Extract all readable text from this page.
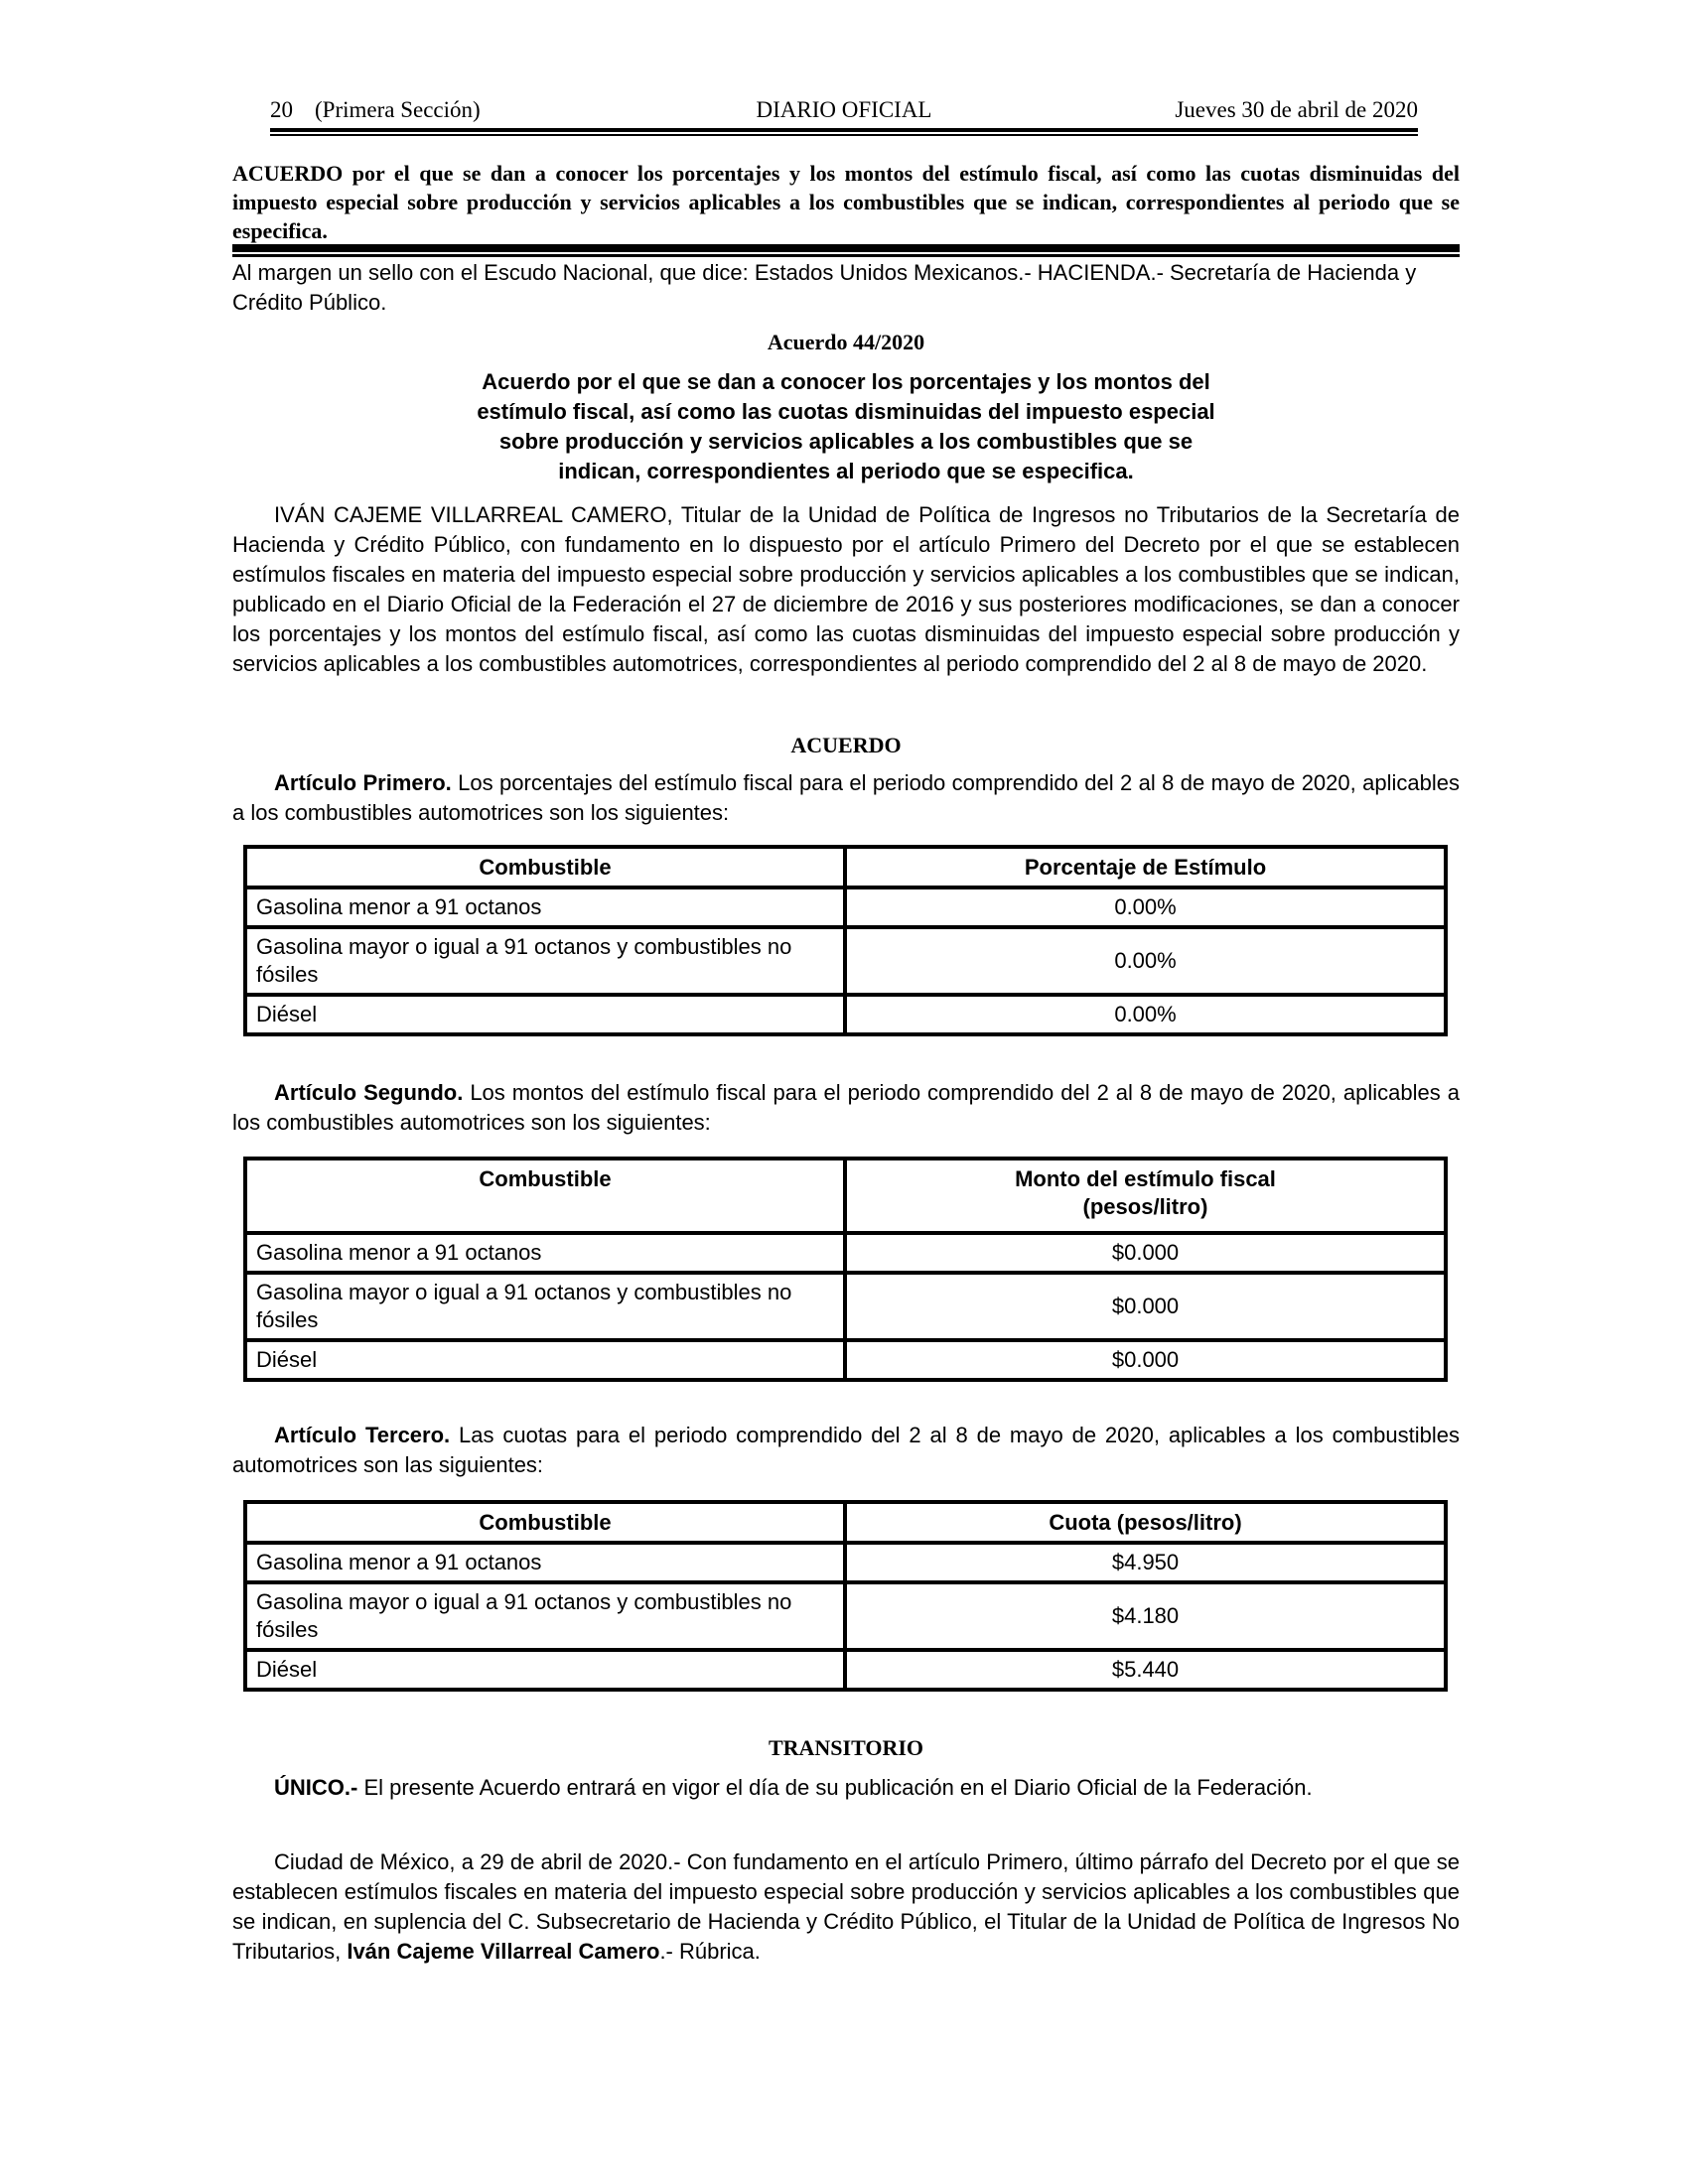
20 (Primera Sección)	DIARIO OFICIAL	Jueves 30 de abril de 2020
ACUERDO por el que se dan a conocer los porcentajes y los montos del estímulo fiscal, así como las cuotas disminuidas del impuesto especial sobre producción y servicios aplicables a los combustibles que se indican, correspondientes al periodo que se especifica.
Al margen un sello con el Escudo Nacional, que dice: Estados Unidos Mexicanos.- HACIENDA.- Secretaría de Hacienda y Crédito Público.
Acuerdo 44/2020
Acuerdo por el que se dan a conocer los porcentajes y los montos del
estímulo fiscal, así como las cuotas disminuidas del impuesto especial
sobre producción y servicios aplicables a los combustibles que se
indican, correspondientes al periodo que se especifica.
IVÁN CAJEME VILLARREAL CAMERO, Titular de la Unidad de Política de Ingresos no Tributarios de la Secretaría de Hacienda y Crédito Público, con fundamento en lo dispuesto por el artículo Primero del Decreto por el que se establecen estímulos fiscales en materia del impuesto especial sobre producción y servicios aplicables a los combustibles que se indican, publicado en el Diario Oficial de la Federación el 27 de diciembre de 2016 y sus posteriores modificaciones, se dan a conocer los porcentajes y los montos del estímulo fiscal, así como las cuotas disminuidas del impuesto especial sobre producción y servicios aplicables a los combustibles automotrices, correspondientes al periodo comprendido del 2 al 8 de mayo de 2020.
ACUERDO
Artículo Primero. Los porcentajes del estímulo fiscal para el periodo comprendido del 2 al 8 de mayo de 2020, aplicables a los combustibles automotrices son los siguientes:
Combustible	Porcentaje de Estímulo
Gasolina menor a 91 octanos	0.00%
Gasolina mayor o igual a 91 octanos y combustibles no fósiles	0.00%
Diésel	0.00%
Artículo Segundo. Los montos del estímulo fiscal para el periodo comprendido del 2 al 8 de mayo de 2020, aplicables a los combustibles automotrices son los siguientes:
Combustible	Monto del estímulo fiscal
(pesos/litro)

Gasolina menor a 91 octanos	$0.000
Gasolina mayor o igual a 91 octanos y combustibles no fósiles	$0.000
Diésel	$0.000
Artículo Tercero. Las cuotas para el periodo comprendido del 2 al 8 de mayo de 2020, aplicables a los combustibles automotrices son las siguientes:
Combustible	Cuota (pesos/litro)
Gasolina menor a 91 octanos	$4.950
Gasolina mayor o igual a 91 octanos y combustibles no fósiles	$4.180
Diésel	$5.440
TRANSITORIO
ÚNICO.- El presente Acuerdo entrará en vigor el día de su publicación en el Diario Oficial de la Federación.
Ciudad de México, a 29 de abril de 2020.- Con fundamento en el artículo Primero, último párrafo del Decreto por el que se establecen estímulos fiscales en materia del impuesto especial sobre producción y servicios aplicables a los combustibles que se indican, en suplencia del C. Subsecretario de Hacienda y Crédito Público, el Titular de la Unidad de Política de Ingresos No Tributarios, Iván Cajeme Villarreal Camero.- Rúbrica.
